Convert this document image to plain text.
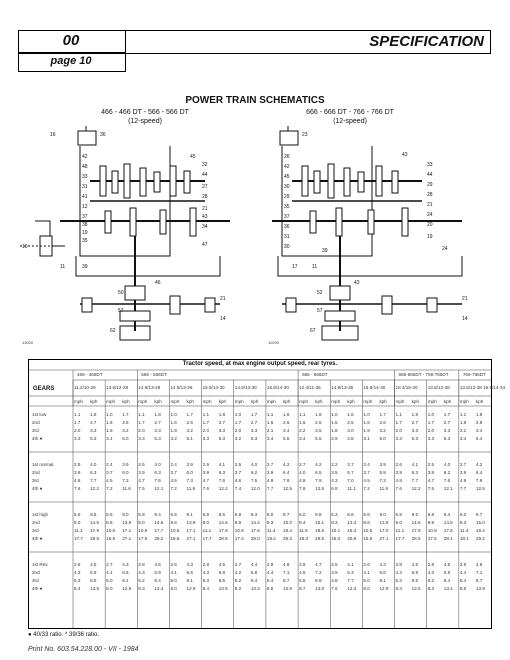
00
page 10
SPECIFICATION
POWER TRAIN SCHEMATICS
466 - 466 DT - 566 - 566 DT
(12-speed)
666 - 666 DT - 766 - 766 DT
(12-speed)
16	36
42
48
33
31
45
32
44
27
28
41
21
12
43
37
38
19
34
35
10	47
11	39
46
50
57
62
21
14
13020
23
26
42
45
30
29
43
33
44
29
28
21
35
37
36
24
20
31
30
39
19
17	11
24
43
52
57
67
21
14
11099
Tractor speed, at max engine output speed, rear tyres.
GEARS
466 - 466DT	566 - 566DT	666 - 666DT	666-666DT - 766-766DT	766-766DT
11.2/10-28 13.6/12-28 14.9/13-28 14.9/13-28 16.9/14-30 14.9/13-30 16.9/14-30 12.4/11-36 14.9/13-36 16.9/14-30 18.4/15-30 13.6/12-38 13.6/12-38 16.9/14-34
mph kph mph kph mph kph mph kph mph kph mph kph mph kph mph kph mph kph mph kph mph kph mph kph mph kph
1st low	1.1 1.8 1.0 1.7 1.1 1.8 1.0 1.7 1.1 1.8 1.0 1.7 1.1 1.8 1.1 1.8 1.0 1.6 1.0 1.7 1.1 1.8 1.0 1.7 1.1 1.8
2nd	1.7 2.7 1.6 2.6 1.7 2.7 1.6 2.6 1.7 2.7 1.7 2.7 1.6 2.6 1.6 2.6 1.5 2.5 1.6 2.6 1.7 2.7 1.7 2.7 1.8 2.8
3rd	2.0 3.3 1.9 3.2 2.0 3.3 1.9 3.2 2.0 3.3 2.0 3.3 2.1 3.4 2.2 3.5 1.8 3.0 1.9 3.2 2.0 3.3 2.0 3.3 2.1 3.4
4th ●	3.3 5.3 3.1 5.0 3.3 5.3 3.2 5.1 3.3 5.3 3.2 5.3 3.4 5.5 3.4 5.5 2.9 4.8 3.1 5.0 3.3 5.3 3.3 5.3 3.4 5.4
1st normal	2.5 4.0 2.4 3.9 2.5 4.0 2.4 3.9 2.6 4.1 2.5 4.0 2.7 4.2 2.7 4.2 2.2 3.7 2.4 3.9 2.6 4.1 2.5 4.0 2.7 4.2
2nd	3.9 6.3 3.7 6.0 3.9 6.3 3.7 6.0 3.9 6.3 3.7 6.2 3.9 6.4 4.0 6.5 3.5 5.7 3.7 5.9 3.9 6.3 3.8 6.2 3.9 6.4
3rd	4.8 7.7 4.5 7.3 4.7 7.6 4.5 7.3 4.7 7.6 4.6 7.5 4.9 7.9 4.9 7.9 4.3 7.0 4.5 7.3 4.8 7.7 4.7 7.6 4.9 7.9
4th ●	7.6 12.2 7.2 11.6 7.5 12.1 7.2 11.6 7.6 12.2 7.4 12.0 7.7 12.5 7.8 12.6 6.8 11.1 7.2 11.6 7.6 12.2 7.5 12.1 7.7 12.5
1st high	5.9 9.5 5.6 9.0 5.8 9.4 5.6 9.1 5.9 9.5 5.8 9.3 6.0 9.7 6.0 9.8 5.3 8.6 5.6 9.0 5.9 9.5 5.8 9.4 6.0 9.7
2nd	9.0 14.6 8.6 13.9 9.0 14.5 8.6 13.9 9.0 14.6 8.9 14.4 9.3 15.0 9.4 15.1 8.3 13.3 8.6 13.9 9.0 14.6 8.9 14.5 9.3 15.0
3rd	11.1 17.9 10.6 17.1 10.9 17.7 10.6 17.1 11.1 17.9 10.9 17.6 11.4 18.4 11.5 18.5 10.1 16.3 10.5 17.0 11.1 17.9 10.9 17.6 11.4 18.4
4th ●	17.7 28.5 16.8 27.1 17.5 28.2 16.8 27.1 17.7 28.5 17.3 28.0 18.2 29.3 18.3 29.5 16.0 25.9 16.8 27.1 17.7 28.5 17.5 28.1 18.1 29.2
1st Rev.	2.8 4.5 2.7 4.3 2.8 4.5 2.6 4.3 2.8 4.5 2.7 4.4 2.9 4.6 2.9 4.7 2.5 4.1 2.6 4.3 2.8 4.5 2.8 4.5 2.9 4.6
2nd	4.3 6.9 4.1 6.6 4.3 6.9 4.1 6.6 4.3 6.9 4.2 6.8 4.4 7.1 4.5 7.2 3.9 6.3 4.1 6.6 4.3 6.9 4.3 6.9 4.4 7.1
3rd	5.3 8.5 5.0 8.1 5.2 8.4 5.0 8.1 5.3 8.5 5.2 8.4 5.4 8.7 5.5 8.8 4.8 7.7 5.0 8.1 5.3 8.5 5.2 8.4 5.4 8.7
4th ●	8.4 13.5 8.0 12.9 8.3 13.4 8.0 12.9 8.4 13.5 8.2 13.3 8.6 13.9 8.7 14.0 7.6 12.3 8.0 12.9 8.4 13.5 8.3 13.4 8.6 13.9
● 40/33 ratio. * 39/36 ratio.
Print No. 603.54.228.00 - VII - 1984
